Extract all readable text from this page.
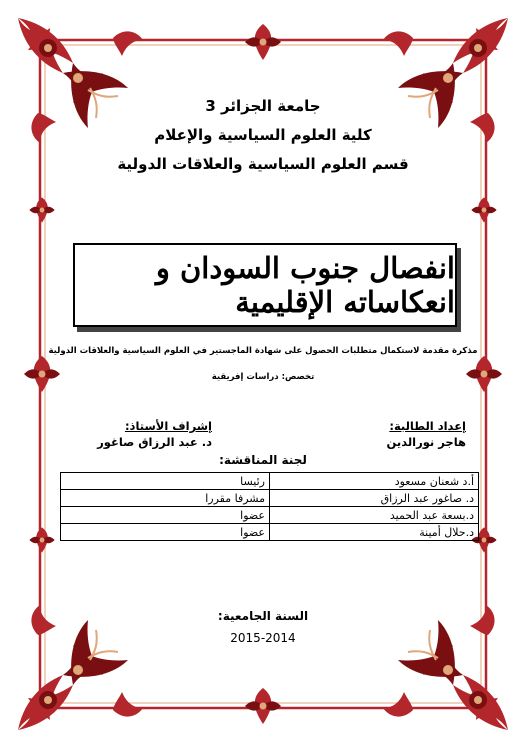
جامعة الجزائر 3
كلية العلوم السياسية والإعلام
قسم العلوم السياسية والعلاقات الدولية
انفصال جنوب السودان و انعكاساته الإقليمية
مذكرة مقدمة لاستكمال متطلبات الحصول على شهادة الماجستير في العلوم السياسية والعلاقات الدولية
تخصص: دراسات إفريقية
إعداد الطالبة:
هاجر نورالدين
إشراف الأستاذ:
د. عبد الرزاق صاغور
لجنة المناقشة:
أ.د شعنان مسعود	رئيسا
د. صاغور عبد الرزاق	مشرفا مقررا
د.بسعة عبد الحميد	عضوا
د.حلال أمينة	عضوا
السنة الجامعية:
2015-2014
